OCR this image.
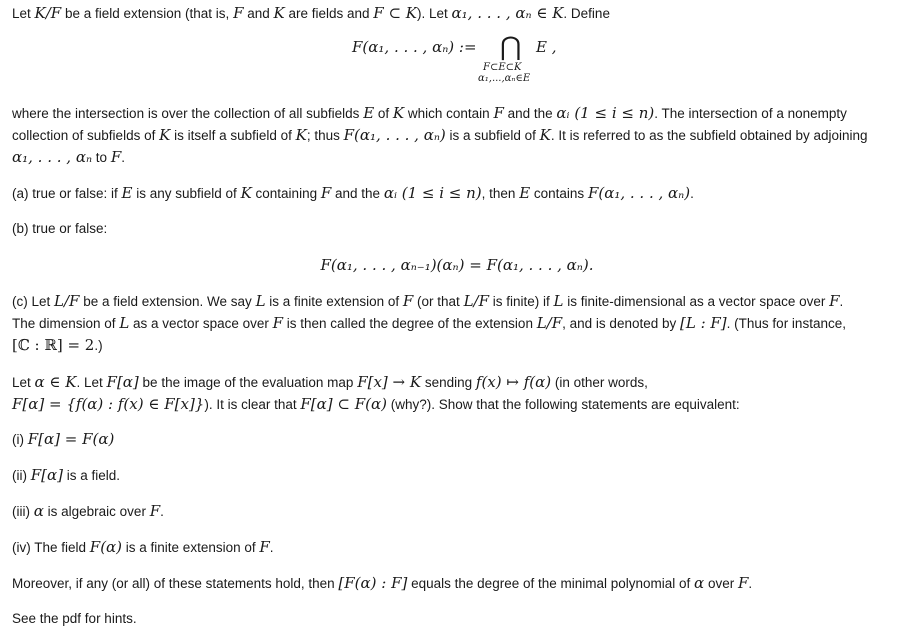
Let K/F be a field extension (that is, F and K are fields and F ⊂ K). Let α₁, . . . , αₙ ∈ K. Define
F(α₁, . . . , αₙ) := ⋂ E ,
F⊂E⊂K
α₁,...,αₙ∈E
where the intersection is over the collection of all subfields E of K which contain F and the αᵢ (1 ≤ i ≤ n). The intersection of a nonempty
collection of subfields of K is itself a subfield of K; thus F(α₁, . . . , αₙ) is a subfield of K. It is referred to as the subfield obtained by adjoining
α₁, . . . , αₙ to F.
(a) true or false: if E is any subfield of K containing F and the αᵢ (1 ≤ i ≤ n), then E contains F(α₁, . . . , αₙ).
(b) true or false:
F(α₁, . . . , αₙ₋₁)(αₙ) = F(α₁, . . . , αₙ).
(c) Let L/F be a field extension. We say L is a finite extension of F (or that L/F is finite) if L is finite-dimensional as a vector space over F.
The dimension of L as a vector space over F is then called the degree of the extension L/F, and is denoted by [L : F]. (Thus for instance,
[ℂ : ℝ] = 2.)
Let α ∈ K. Let F[α] be the image of the evaluation map F[x] → K sending f(x) ↦ f(α) (in other words,
F[α] = {f(α) : f(x) ∈ F[x]}). It is clear that F[α] ⊂ F(α) (why?). Show that the following statements are equivalent:
(i) F[α] = F(α)
(ii) F[α] is a field.
(iii) α is algebraic over F.
(iv) The field F(α) is a finite extension of F.
Moreover, if any (or all) of these statements hold, then [F(α) : F] equals the degree of the minimal polynomial of α over F.
See the pdf for hints.
